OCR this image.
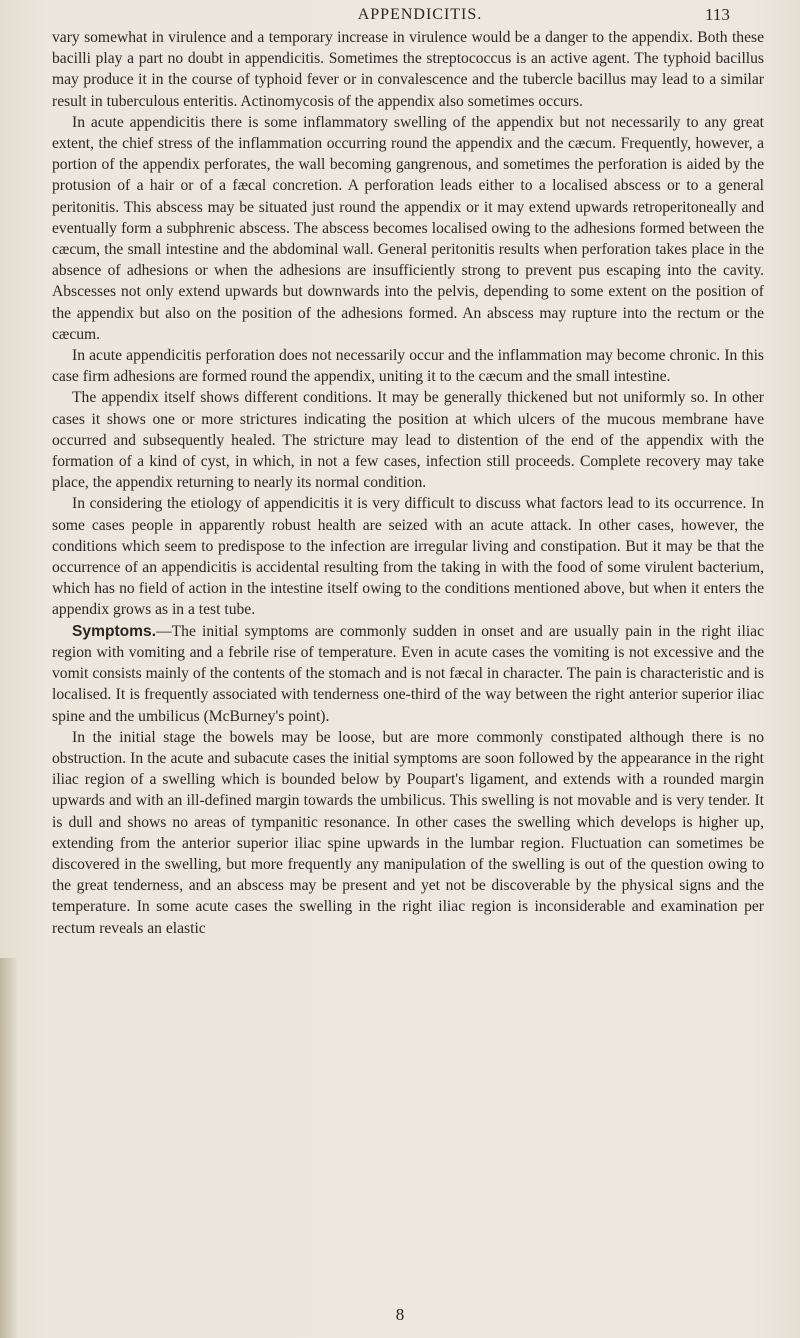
APPENDICITIS.	113

vary somewhat in virulence and a temporary increase in virulence would be a danger to the appendix. Both these bacilli play a part no doubt in appendicitis. Sometimes the streptococcus is an active agent. The typhoid bacillus may produce it in the course of typhoid fever or in convalescence and the tubercle bacillus may lead to a similar result in tuberculous enteritis. Actinomycosis of the appendix also sometimes occurs.

In acute appendicitis there is some inflammatory swelling of the appendix but not necessarily to any great extent, the chief stress of the inflammation occurring round the appendix and the cæcum. Frequently, however, a portion of the appendix perforates, the wall becoming gangrenous, and sometimes the perforation is aided by the protusion of a hair or of a fæcal concretion. A perforation leads either to a localised abscess or to a general peritonitis. This abscess may be situated just round the appendix or it may extend upwards retroperitoneally and eventually form a subphrenic abscess. The abscess becomes localised owing to the adhesions formed between the cæcum, the small intestine and the abdominal wall. General peritonitis results when perforation takes place in the absence of adhesions or when the adhesions are insufficiently strong to prevent pus escaping into the cavity. Abscesses not only extend upwards but downwards into the pelvis, depending to some extent on the position of the appendix but also on the position of the adhesions formed. An abscess may rupture into the rectum or the cæcum.

In acute appendicitis perforation does not necessarily occur and the inflammation may become chronic. In this case firm adhesions are formed round the appendix, uniting it to the cæcum and the small intestine.

The appendix itself shows different conditions. It may be generally thickened but not uniformly so. In other cases it shows one or more strictures indicating the position at which ulcers of the mucous membrane have occurred and subsequently healed. The stricture may lead to distention of the end of the appendix with the formation of a kind of cyst, in which, in not a few cases, infection still proceeds. Complete recovery may take place, the appendix returning to nearly its normal condition.

In considering the etiology of appendicitis it is very difficult to discuss what factors lead to its occurrence. In some cases people in apparently robust health are seized with an acute attack. In other cases, however, the conditions which seem to predispose to the infection are irregular living and constipation. But it may be that the occurrence of an appendicitis is accidental resulting from the taking in with the food of some virulent bacterium, which has no field of action in the intestine itself owing to the conditions mentioned above, but when it enters the appendix grows as in a test tube.

Symptoms.—The initial symptoms are commonly sudden in onset and are usually pain in the right iliac region with vomiting and a febrile rise of temperature. Even in acute cases the vomiting is not excessive and the vomit consists mainly of the contents of the stomach and is not fæcal in character. The pain is characteristic and is localised. It is frequently associated with tenderness one-third of the way between the right anterior superior iliac spine and the umbilicus (McBurney's point).

In the initial stage the bowels may be loose, but are more commonly constipated although there is no obstruction. In the acute and subacute cases the initial symptoms are soon followed by the appearance in the right iliac region of a swelling which is bounded below by Poupart's ligament, and extends with a rounded margin upwards and with an ill-defined margin towards the umbilicus. This swelling is not movable and is very tender. It is dull and shows no areas of tympanitic resonance. In other cases the swelling which develops is higher up, extending from the anterior superior iliac spine upwards in the lumbar region. Fluctuation can sometimes be discovered in the swelling, but more frequently any manipulation of the swelling is out of the question owing to the great tenderness, and an abscess may be present and yet not be discoverable by the physical signs and the temperature. In some acute cases the swelling in the right iliac region is inconsiderable and examination per rectum reveals an elastic

8
